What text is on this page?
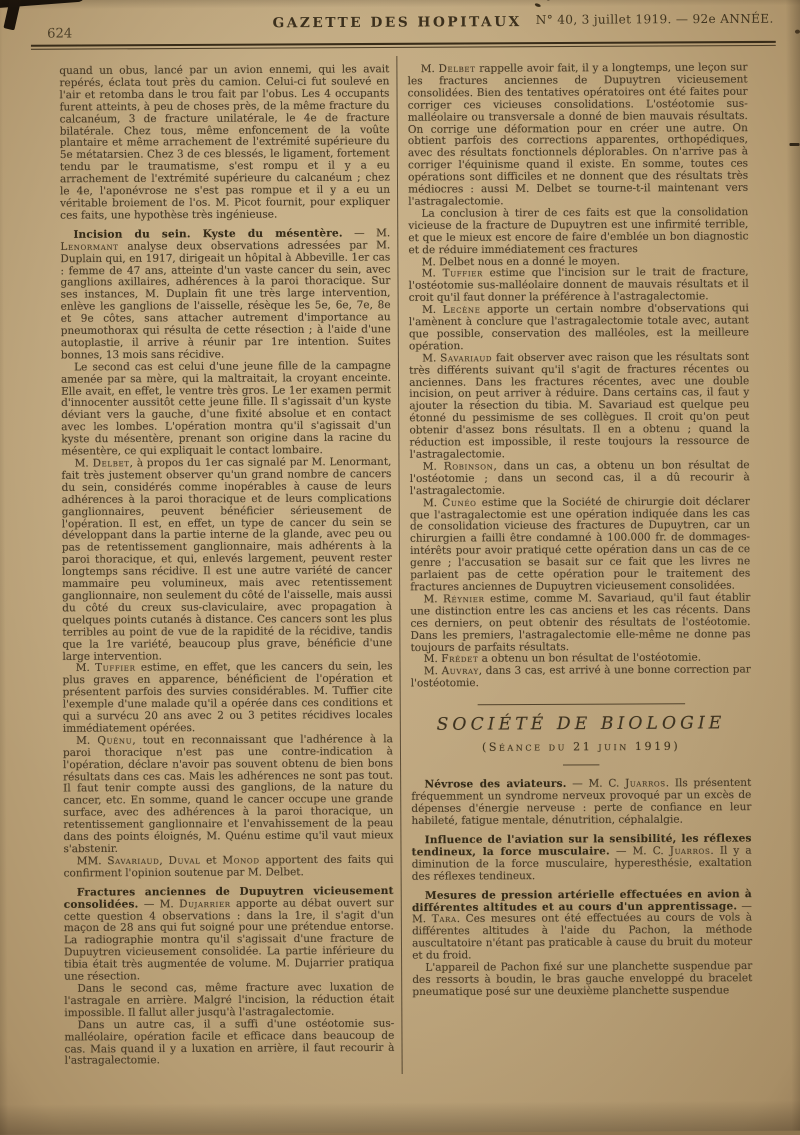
624
GAZETTE DES HOPITAUX	N° 40, 3 juillet 1919. — 92e ANNÉE.

quand un obus, lancé par un avion ennemi, qui les avait repérés, éclata tout près du camion. Celui-ci fut soulevé en l'air et retomba dans le trou fait par l'obus. Les 4 occupants furent atteints, à peu de choses près, de la même fracture du calcanéum, 3 de fracture unilatérale, le 4e de fracture bilatérale. Chez tous, même enfoncement de la voûte plantaire et même arrachement de l'extrémité supérieure du 5e métatarsien. Chez 3 de ces blessés, le ligament, fortement tendu par le traumatisme, s'est rompu et il y a eu arrachement de l'extrémité supérieure du calcanéum ; chez le 4e, l'aponévrose ne s'est pas rompue et il y a eu un véritable broiement de l'os. M. Picot fournit, pour expliquer ces faits, une hypothèse très ingénieuse.

Incision du sein. Kyste du mésentère. — M. Lenormant analyse deux observations adressées par M. Duplain qui, en 1917, dirigeait un hôpital à Abbeville. 1er cas : femme de 47 ans, atteinte d'un vaste cancer du sein, avec ganglions axillaires, adhérences à la paroi thoracique. Sur ses instances, M. Duplain fit une très large intervention, enlève les ganglions de l'aisselle, résèque les 5e, 6e, 7e, 8e et 9e côtes, sans attacher autrement d'importance au pneumothorax qui résulta de cette résection ; à l'aide d'une autoplastie, il arrive à réunir par 1re intention. Suites bonnes, 13 mois sans récidive.

Le second cas est celui d'une jeune fille de la campagne amenée par sa mère, qui la maltraitait, la croyant enceinte. Elle avait, en effet, le ventre très gros. Le 1er examen permit d'innocenter aussitôt cette jeune fille. Il s'agissait d'un kyste déviant vers la gauche, d'une fixité absolue et en contact avec les lombes. L'opération montra qu'il s'agissait d'un kyste du mésentère, prenant son origine dans la racine du mésentère, ce qui expliquait le contact lombaire.

M. Delbet, à propos du 1er cas signalé par M. Lenormant, fait très justement observer qu'un grand nombre de cancers du sein, considérés comme inopérables à cause de leurs adhérences à la paroi thoracique et de leurs complications ganglionnaires, peuvent bénéficier sérieusement de l'opération. Il est, en effet, un type de cancer du sein se développant dans la partie interne de la glande, avec peu ou pas de retentissement ganglionnaire, mais adhérents à la paroi thoracique, et qui, enlevés largement, peuvent rester longtemps sans récidive. Il est une autre variété de cancer mammaire peu volumineux, mais avec retentissement ganglionnaire, non seulement du côté de l'aisselle, mais aussi du côté du creux sus-claviculaire, avec propagation à quelques points cutanés à distance. Ces cancers sont les plus terribles au point de vue de la rapidité de la récidive, tandis que la 1re variété, beaucoup plus grave, bénéficie d'une large intervention.

M. Tuffier estime, en effet, que les cancers du sein, les plus graves en apparence, bénéficient de l'opération et présentent parfois des survies considérables. M. Tuffier cite l'exemple d'une malade qu'il a opérée dans ces conditions et qui a survécu 20 ans avec 2 ou 3 petites récidives locales immédiatement opérées.

M. Quénu, tout en reconnaissant que l'adhérence à la paroi thoracique n'est pas une contre-indication à l'opération, déclare n'avoir pas souvent obtenu de bien bons résultats dans ces cas. Mais les adhérences ne sont pas tout. Il faut tenir compte aussi des ganglions, de la nature du cancer, etc. En somme, quand le cancer occupe une grande surface, avec des adhérences à la paroi thoracique, un retentissement ganglionnaire et l'envahissement de la peau dans des points éloignés, M. Quénu estime qu'il vaut mieux s'abstenir.

MM. Savariaud, Duval et Monod apportent des faits qui confirment l'opinion soutenue par M. Delbet.

Fractures anciennes de Dupuytren vicieusement consolidées. — M. Dujarrier apporte au débat ouvert sur cette question 4 observations : dans la 1re, il s'agit d'un maçon de 28 ans qui fut soigné pour une prétendue entorse. La radiographie montra qu'il s'agissait d'une fracture de Dupuytren vicieusement consolidée. La partie inférieure du tibia était très augmentée de volume. M. Dujarrier pratiqua une résection.

Dans le second cas, même fracture avec luxation de l'astragale en arrière. Malgré l'incision, la réduction était impossible. Il fallut aller jusqu'à l'astragalectomie.

Dans un autre cas, il a suffi d'une ostéotomie sus-malléolaire, opération facile et efficace dans beaucoup de cas. Mais quand il y a luxation en arrière, il faut recourir à l'astragalectomie.

M. Delbet rappelle avoir fait, il y a longtemps, une leçon sur les fractures anciennes de Dupuytren vicieusement consolidées. Bien des tentatives opératoires ont été faites pour corriger ces vicieuses consolidations. L'ostéotomie sus-malléolaire ou transversale a donné de bien mauvais résultats. On corrige une déformation pour en créer une autre. On obtient parfois des corrections apparentes, orthopédiques, avec des résultats fonctionnels déplorables. On n'arrive pas à corriger l'équinisme quand il existe. En somme, toutes ces opérations sont difficiles et ne donnent que des résultats très médiocres : aussi M. Delbet se tourne-t-il maintenant vers l'astragalectomie.

La conclusion à tirer de ces faits est que la consolidation vicieuse de la fracture de Dupuytren est une infirmité terrible, et que le mieux est encore de faire d'emblée un bon diagnostic et de réduire immédiatement ces fractures

M. Delbet nous en a donné le moyen.

M. Tuffier estime que l'incision sur le trait de fracture, l'ostéotomie sus-malléolaire donnent de mauvais résultats et il croit qu'il faut donner la préférence à l'astragalectomie.

M. Lecène apporte un certain nombre d'observations qui l'amènent à conclure que l'astragalectomie totale avec, autant que possible, conservation des malléoles, est la meilleure opération.

M. Savariaud fait observer avec raison que les résultats sont très différents suivant qu'il s'agit de fractures récentes ou anciennes. Dans les fractures récentes, avec une double incision, on peut arriver à réduire. Dans certains cas, il faut y ajouter la résection du tibia. M. Savariaud est quelque peu étonné du pessimisme de ses collègues. Il croit qu'on peut obtenir d'assez bons résultats. Il en a obtenu ; quand la réduction est impossible, il reste toujours la ressource de l'astragalectomie.

M. Robinson, dans un cas, a obtenu un bon résultat de l'ostéotomie ; dans un second cas, il a dû recourir à l'astragalectomie.

M. Cunéo estime que la Société de chirurgie doit déclarer que l'astragalectomie est une opération indiquée dans les cas de consolidation vicieuse des fractures de Dupuytren, car un chirurgien a failli être condamné à 100.000 fr. de dommages-intérêts pour avoir pratiqué cette opération dans un cas de ce genre ; l'accusation se basait sur ce fait que les livres ne parlaient pas de cette opération pour le traitement des fractures anciennes de Dupuytren vicieusement consolidées.

M. Réynier estime, comme M. Savariaud, qu'il faut établir une distinction entre les cas anciens et les cas récents. Dans ces derniers, on peut obtenir des résultats de l'ostéotomie. Dans les premiers, l'astragalectomie elle-même ne donne pas toujours de parfaits résultats.

M. Frédet a obtenu un bon résultat de l'ostéotomie.

M. Auvray, dans 3 cas, est arrivé à une bonne correction par l'ostéotomie.

SOCIÉTÉ DE BIOLOGIE
(Séance du 21 juin 1919)

Névrose des aviateurs. — M. C. Juarros. Ils présentent fréquemment un syndrome nerveux provoqué par un excès de dépenses d'énergie nerveuse : perte de confiance en leur habileté, fatigue mentale, dénutrition, céphalalgie.

Influence de l'aviation sur la sensibilité, les réflexes tendineux, la force musculaire. — M. C. Juarros. Il y a diminution de la force musculaire, hyperesthésie, exaltation des réflexes tendineux.

Mesures de pression artérielle effectuées en avion à différentes altitudes et au cours d'un apprentissage. — M. Tara. Ces mesures ont été effectuées au cours de vols à différentes altitudes à l'aide du Pachon, la méthode auscultatoire n'étant pas praticable à cause du bruit du moteur et du froid.

L'appareil de Pachon fixé sur une planchette suspendue par des ressorts à boudin, le bras gauche enveloppé du bracelet pneumatique posé sur une deuxième planchette suspendue
